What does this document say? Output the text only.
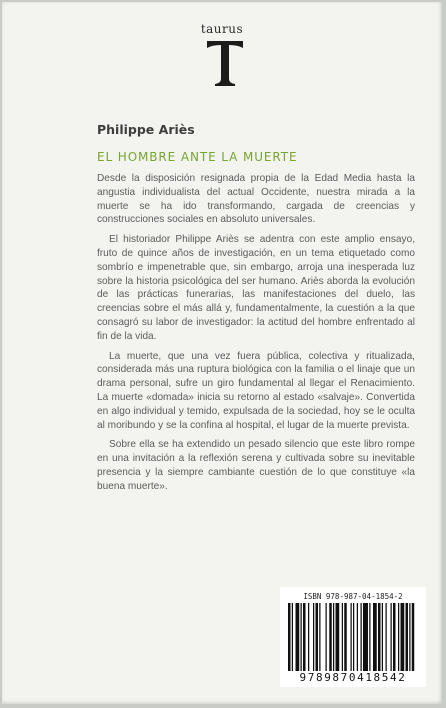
taurus
Philippe Ariès
EL HOMBRE ANTE LA MUERTE

Desde la disposición resignada propia de la Edad Media hasta la angustia individualista del actual Occidente, nuestra mirada a la muerte se ha ido transformando, cargada de creencias y construcciones sociales en absoluto universales.

El historiador Philippe Ariès se adentra con este amplio ensayo, fruto de quince años de investigación, en un tema etiquetado como sombrío e impenetrable que, sin embargo, arroja una inesperada luz sobre la historia psicológica del ser humano. Ariès aborda la evolución de las prácticas funerarias, las manifestaciones del duelo, las creencias sobre el más allá y, fundamentalmente, la cuestión a la que consagró su labor de investigador: la actitud del hombre enfrentado al fin de la vida.

La muerte, que una vez fuera pública, colectiva y ritualizada, considerada más una ruptura biológica con la familia o el linaje que un drama personal, sufre un giro fundamental al llegar el Renacimiento. La muerte «domada» inicia su retorno al estado «salvaje». Convertida en algo individual y temido, expulsada de la sociedad, hoy se le oculta al moribundo y se la confina al hospital, el lugar de la muerte prevista.

Sobre ella se ha extendido un pesado silencio que este libro rompe en una invitación a la reflexión serena y cultivada sobre su inevitable presencia y la siempre cambiante cuestión de lo que constituye «la buena muerte».

ISBN 978-987-04-1854-2
9789870418542
